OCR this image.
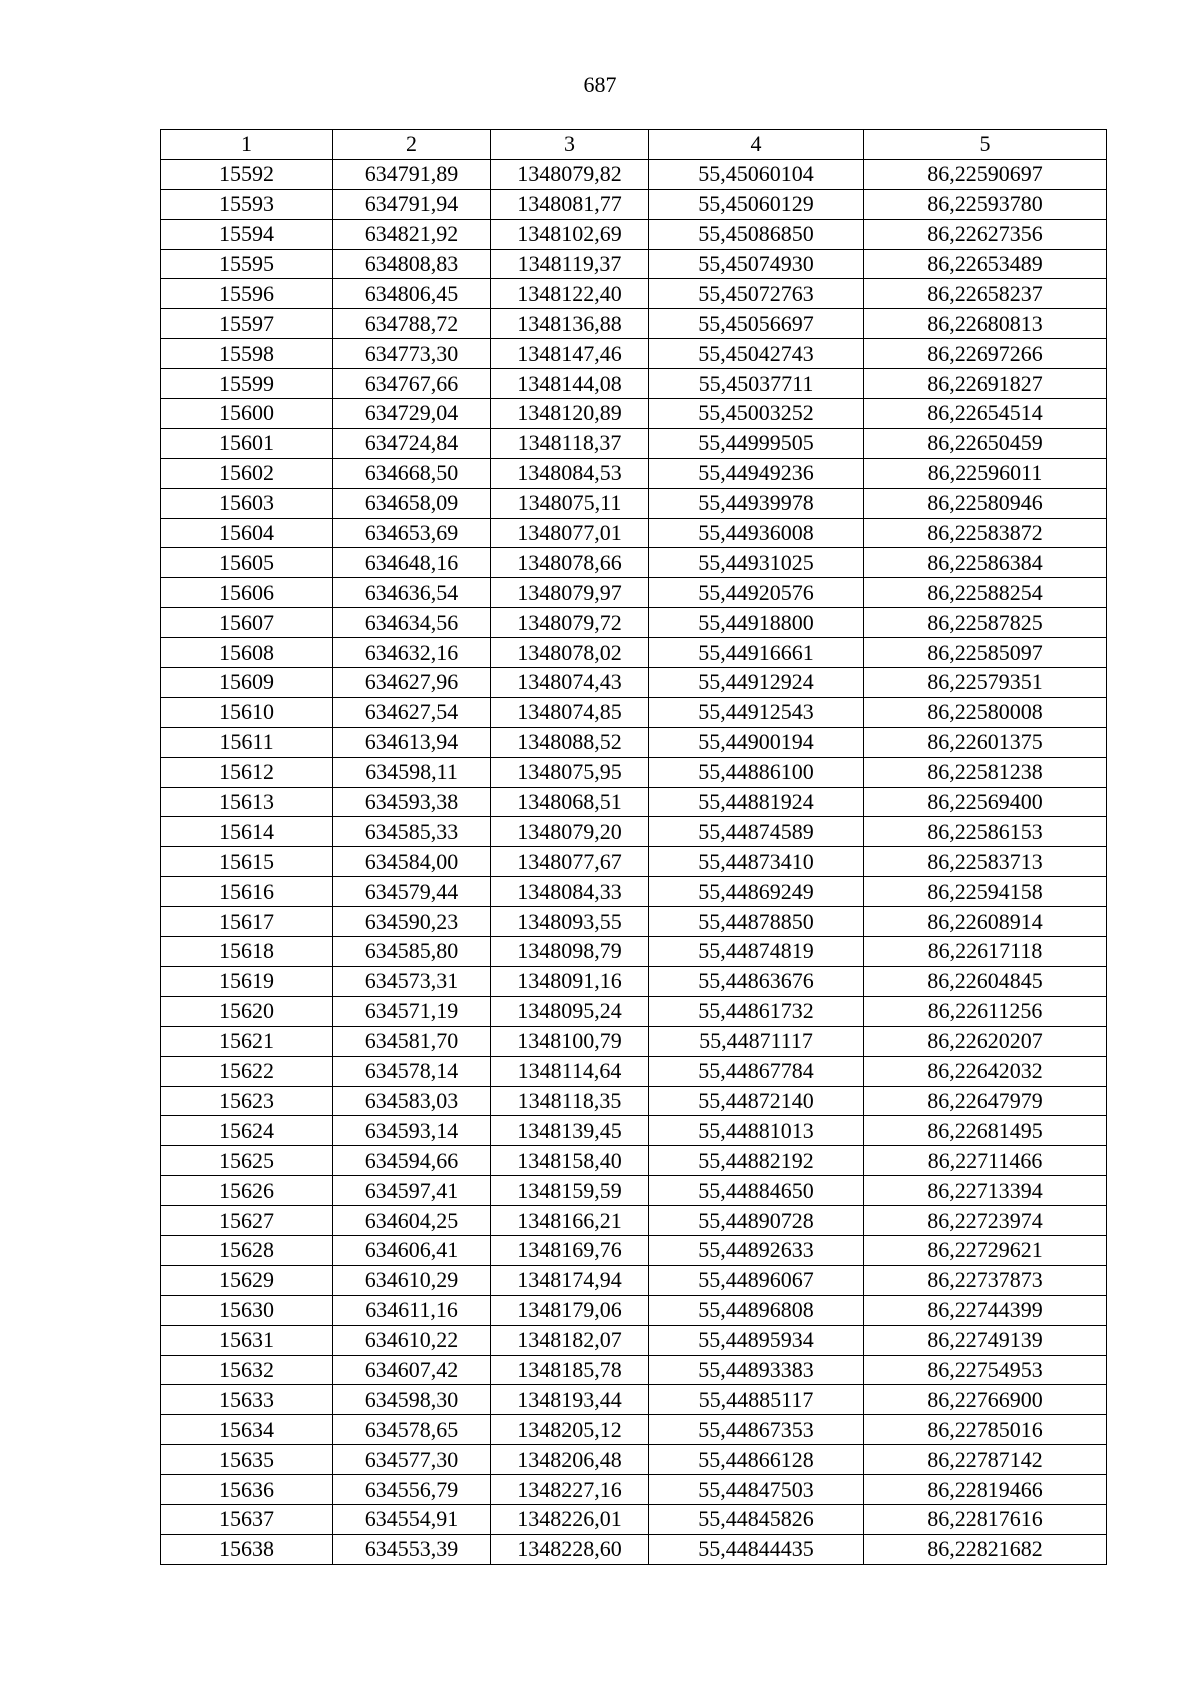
687
1	2	3	4	5
15592	634791,89	1348079,82	55,45060104	86,22590697
15593	634791,94	1348081,77	55,45060129	86,22593780
15594	634821,92	1348102,69	55,45086850	86,22627356
15595	634808,83	1348119,37	55,45074930	86,22653489
15596	634806,45	1348122,40	55,45072763	86,22658237
15597	634788,72	1348136,88	55,45056697	86,22680813
15598	634773,30	1348147,46	55,45042743	86,22697266
15599	634767,66	1348144,08	55,45037711	86,22691827
15600	634729,04	1348120,89	55,45003252	86,22654514
15601	634724,84	1348118,37	55,44999505	86,22650459
15602	634668,50	1348084,53	55,44949236	86,22596011
15603	634658,09	1348075,11	55,44939978	86,22580946
15604	634653,69	1348077,01	55,44936008	86,22583872
15605	634648,16	1348078,66	55,44931025	86,22586384
15606	634636,54	1348079,97	55,44920576	86,22588254
15607	634634,56	1348079,72	55,44918800	86,22587825
15608	634632,16	1348078,02	55,44916661	86,22585097
15609	634627,96	1348074,43	55,44912924	86,22579351
15610	634627,54	1348074,85	55,44912543	86,22580008
15611	634613,94	1348088,52	55,44900194	86,22601375
15612	634598,11	1348075,95	55,44886100	86,22581238
15613	634593,38	1348068,51	55,44881924	86,22569400
15614	634585,33	1348079,20	55,44874589	86,22586153
15615	634584,00	1348077,67	55,44873410	86,22583713
15616	634579,44	1348084,33	55,44869249	86,22594158
15617	634590,23	1348093,55	55,44878850	86,22608914
15618	634585,80	1348098,79	55,44874819	86,22617118
15619	634573,31	1348091,16	55,44863676	86,22604845
15620	634571,19	1348095,24	55,44861732	86,22611256
15621	634581,70	1348100,79	55,44871117	86,22620207
15622	634578,14	1348114,64	55,44867784	86,22642032
15623	634583,03	1348118,35	55,44872140	86,22647979
15624	634593,14	1348139,45	55,44881013	86,22681495
15625	634594,66	1348158,40	55,44882192	86,22711466
15626	634597,41	1348159,59	55,44884650	86,22713394
15627	634604,25	1348166,21	55,44890728	86,22723974
15628	634606,41	1348169,76	55,44892633	86,22729621
15629	634610,29	1348174,94	55,44896067	86,22737873
15630	634611,16	1348179,06	55,44896808	86,22744399
15631	634610,22	1348182,07	55,44895934	86,22749139
15632	634607,42	1348185,78	55,44893383	86,22754953
15633	634598,30	1348193,44	55,44885117	86,22766900
15634	634578,65	1348205,12	55,44867353	86,22785016
15635	634577,30	1348206,48	55,44866128	86,22787142
15636	634556,79	1348227,16	55,44847503	86,22819466
15637	634554,91	1348226,01	55,44845826	86,22817616
15638	634553,39	1348228,60	55,44844435	86,22821682
